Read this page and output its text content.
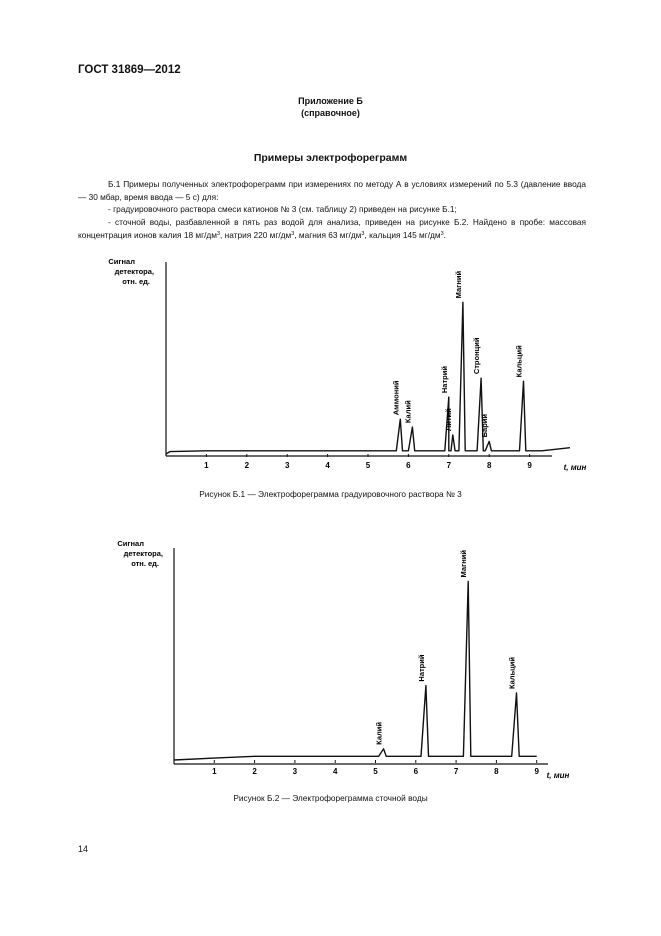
ГОСТ 31869—2012
Приложение Б
(справочное)
Примеры электрофореграмм

Б.1 Примеры полученных электрофореграмм при измерениях по методу А в условиях измерений по 5.3 (давление ввода — 30 мбар, время ввода — 5 с) для:

- градуировочного раствора смеси катионов № 3 (см. таблицу 2) приведен на рисунке Б.1;

- сточной воды, разбавленной в пять раз водой для анализа, приведен на рисунке Б.2. Найдено в пробе: массовая концентрация ионов калия 18 $мг/дм^3$, натрия 220 $мг/дм^3$, магния 63 $мг/дм^3$, кальция 145 $мг/дм^3$.

Сигнал
детектора,
отн. ед.
t, мин
1	2	3	4	5	6	7	8	9
Аммоний Калий
Натрий
Литий
Магний
Стронций
Барий
Кальций
Рисунок Б.1 — Электрофореграмма градуировочного раствора № 3
Сигнал
детектора,
отн. ед.
t, мин
1	2	3	4	5	6	7	8	9
Калий
Натрий
Магний
Кальций
Рисунок Б.2 — Электрофореграмма сточной воды
14
